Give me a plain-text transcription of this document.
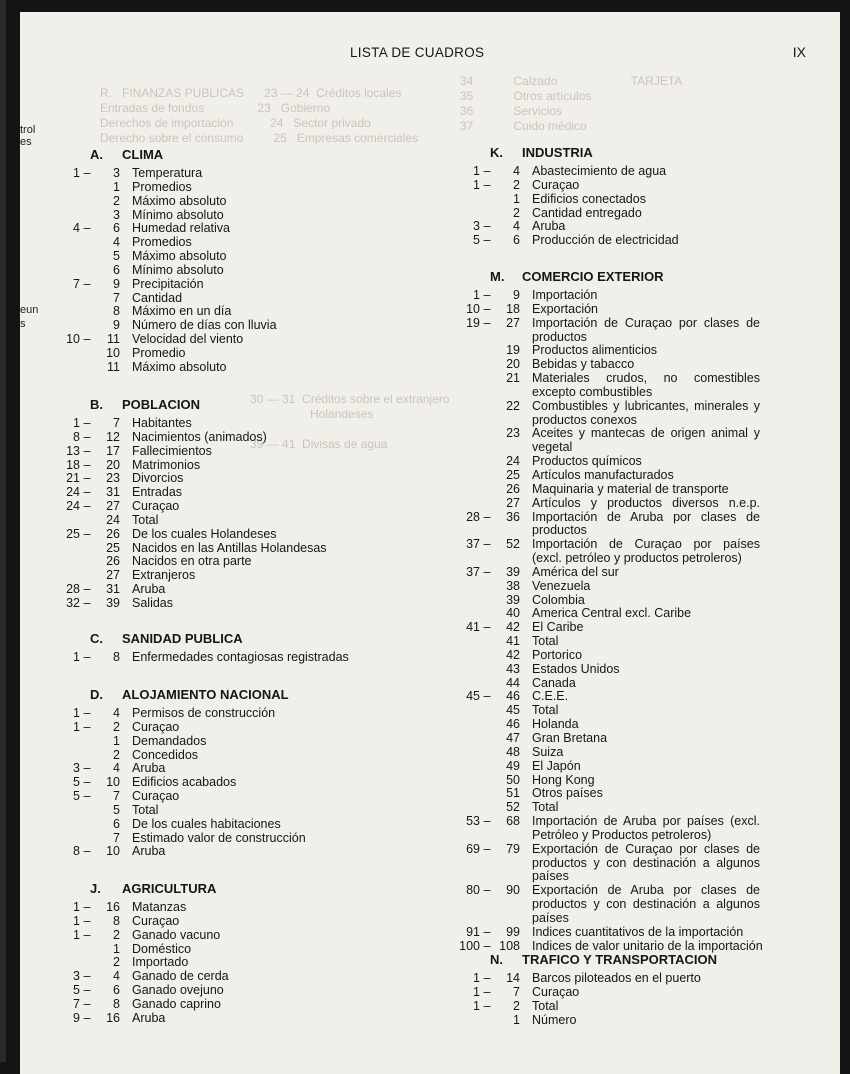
R.   FINANZAS PUBLICAS      23 — 24  Créditos locales
Entradas de fondos                23   Gobierno
Derechos de importación           24   Sector privado
Derecho sobre el consumo         25   Empresas comerciales
30 — 31  Créditos sobre el extranjero
Holandeses

39 — 41  Divisas de agua
34            Calzado                      TARJETA
35            Otros artículos
36            Servicios
37            Cuido médico
LISTA DE CUADROS	IX
trol
es
eun
s
A. CLIMA
1 –	3 Temperatura
1 Promedios
2 Máximo absoluto
3 Mínimo absoluto
4 –	6 Humedad relativa
4 Promedios
5 Máximo absoluto
6 Mínimo absoluto
7 –	9 Precipitación
7 Cantidad
8 Máximo en un día
9 Número de días con lluvia
10 –	11 Velocidad del viento
10 Promedio
11 Máximo absoluto
B. POBLACION
1 –	7 Habitantes
8 –	12 Nacimientos (animados)
13 –	17 Fallecimientos
18 –	20 Matrimonios
21 –	23 Divorcios
24 –	31 Entradas
24 –	27 Curaçao
24 Total
25 –	26 De los cuales Holandeses
25 Nacidos en las Antillas Holandesas
26 Nacidos en otra parte
27 Extranjeros
28 –	31 Aruba
32 –	39 Salidas
C. SANIDAD PUBLICA
1 –	8 Enfermedades contagiosas registradas
D. ALOJAMIENTO NACIONAL
1 –	4 Permisos de construcción
1 –	2 Curaçao
1 Demandados
2 Concedidos
3 –	4 Aruba
5 –	10 Edificios acabados
5 –	7 Curaçao
5 Total
6 De los cuales habitaciones
7 Estimado valor de construcción
8 –	10 Aruba
J. AGRICULTURA
1 –	16 Matanzas
1 –	8 Curaçao
1 –	2 Ganado vacuno
1 Doméstico
2 Importado
3 –	4 Ganado de cerda
5 –	6 Ganado ovejuno
7 –	8 Ganado caprino
9 –	16 Aruba
K. INDUSTRIA
1 –	4 Abastecimiento de agua
1 –	2 Curaçao
1 Edificios conectados
2 Cantidad entregado
3 –	4 Aruba
5 –	6 Producción de electricidad
M. COMERCIO EXTERIOR
1 –	9 Importación
10 –	18 Exportación
19 –	27 Importación de Curaçao por clases de productos
19 Productos alimenticios
20 Bebidas y tabacco
21 Materiales crudos, no comestibles excepto combustibles
22 Combustibles y lubricantes, minerales y productos conexos
23 Aceites y mantecas de origen animal y vegetal
24 Productos químicos
25 Artículos manufacturados
26 Maquinaria y material de transporte
27 Artículos y productos diversos n.e.p.
28 –	36 Importación de Aruba por clases de productos
37 –	52 Importación de Curaçao por países (excl. petróleo y productos petroleros)
37 –	39 América del sur
38 Venezuela
39 Colombia
40 America Central excl. Caribe
41 –	42 El Caribe
41 Total
42 Portorico
43 Estados Unidos
44 Canada
45 –	46 C.E.E.
45 Total
46 Holanda
47 Gran Bretana
48 Suiza
49 El Japón
50 Hong Kong
51 Otros países
52 Total
53 –	68 Importación de Aruba por países (excl. Petróleo y Productos petroleros)
69 –	79 Exportación de Curaçao por clases de productos y con destinación a algunos países
80 –	90 Exportación de Aruba por clases de productos y con destinación a algunos países
91 –	99 Indices cuantitativos de la importación
100 – 108 Indices de valor unitario de la importación
N. TRAFICO Y TRANSPORTACION
1 –	14 Barcos piloteados en el puerto
1 –	7 Curaçao
1 –	2 Total
1 Número
